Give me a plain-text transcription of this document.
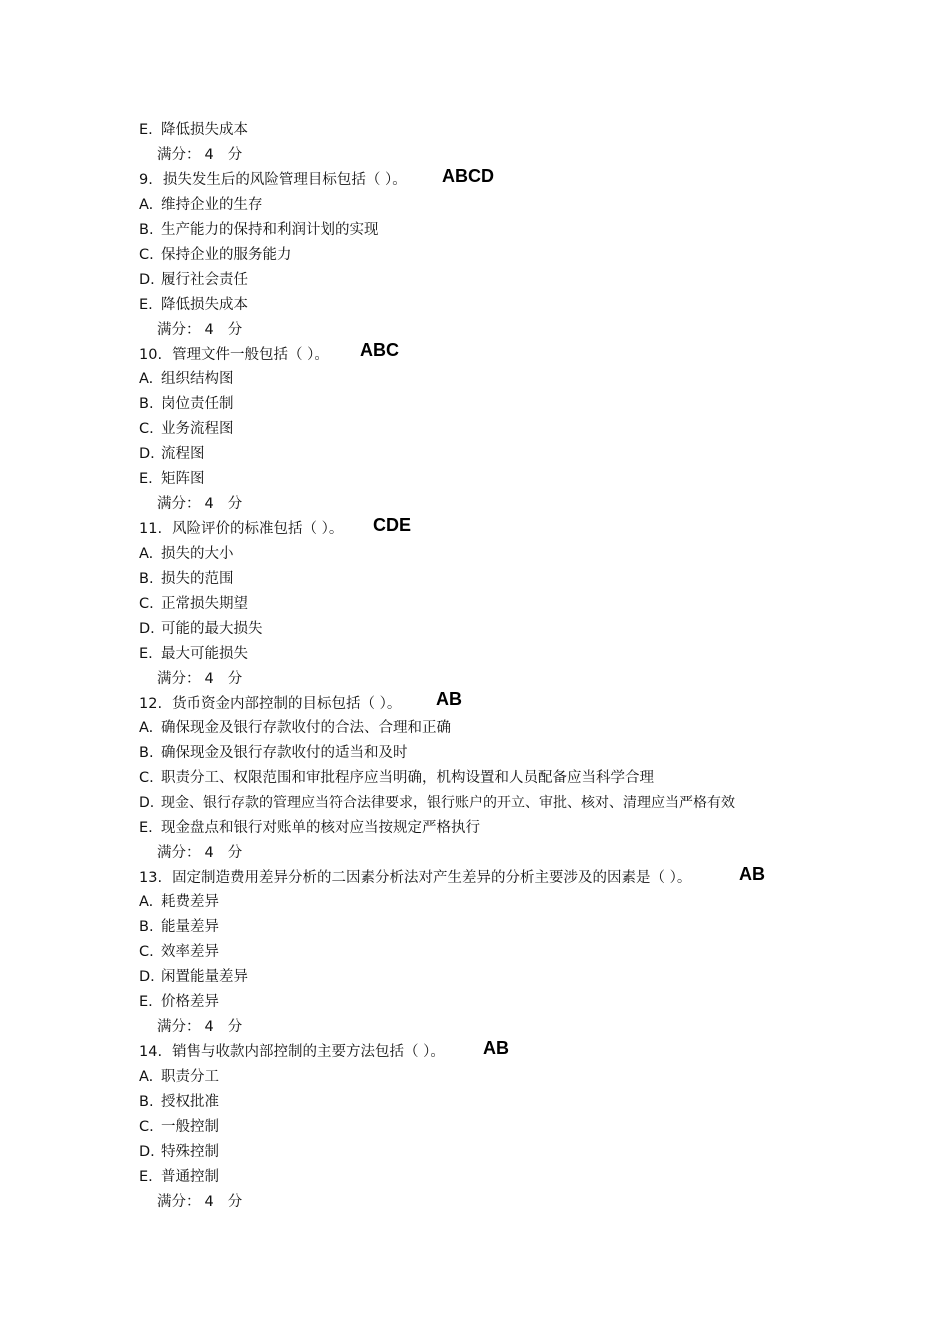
E. 降低损失成本
满分： 4 分
9. 损失发生后的风险管理目标包括（ ）。 ABCD
A. 维持企业的生存
B. 生产能力的保持和利润计划的实现
C. 保持企业的服务能力
D. 履行社会责任
E. 降低损失成本
满分： 4 分
10. 管理文件一般包括（ ）。 ABC
A. 组织结构图
B. 岗位责任制
C. 业务流程图
D. 流程图
E. 矩阵图
满分： 4 分
11. 风险评价的标准包括（ ）。 CDE
A. 损失的大小
B. 损失的范围
C. 正常损失期望
D. 可能的最大损失
E. 最大可能损失
满分： 4 分
12. 货币资金内部控制的目标包括（ ）。 AB
A. 确保现金及银行存款收付的合法、合理和正确
B. 确保现金及银行存款收付的适当和及时
C. 职责分工、权限范围和审批程序应当明确，机构设置和人员配备应当科学合理
D. 现金、银行存款的管理应当符合法律要求，银行账户的开立、审批、核对、清理应当严格有效
E. 现金盘点和银行对账单的核对应当按规定严格执行
满分： 4 分
13. 固定制造费用差异分析的二因素分析法对产生差异的分析主要涉及的因素是（ ）。	AB
A. 耗费差异
B. 能量差异
C. 效率差异
D. 闲置能量差异
E. 价格差异
满分： 4 分
14. 销售与收款内部控制的主要方法包括（ ）。 AB
A. 职责分工
B. 授权批准
C. 一般控制
D. 特殊控制
E. 普通控制
满分： 4 分
